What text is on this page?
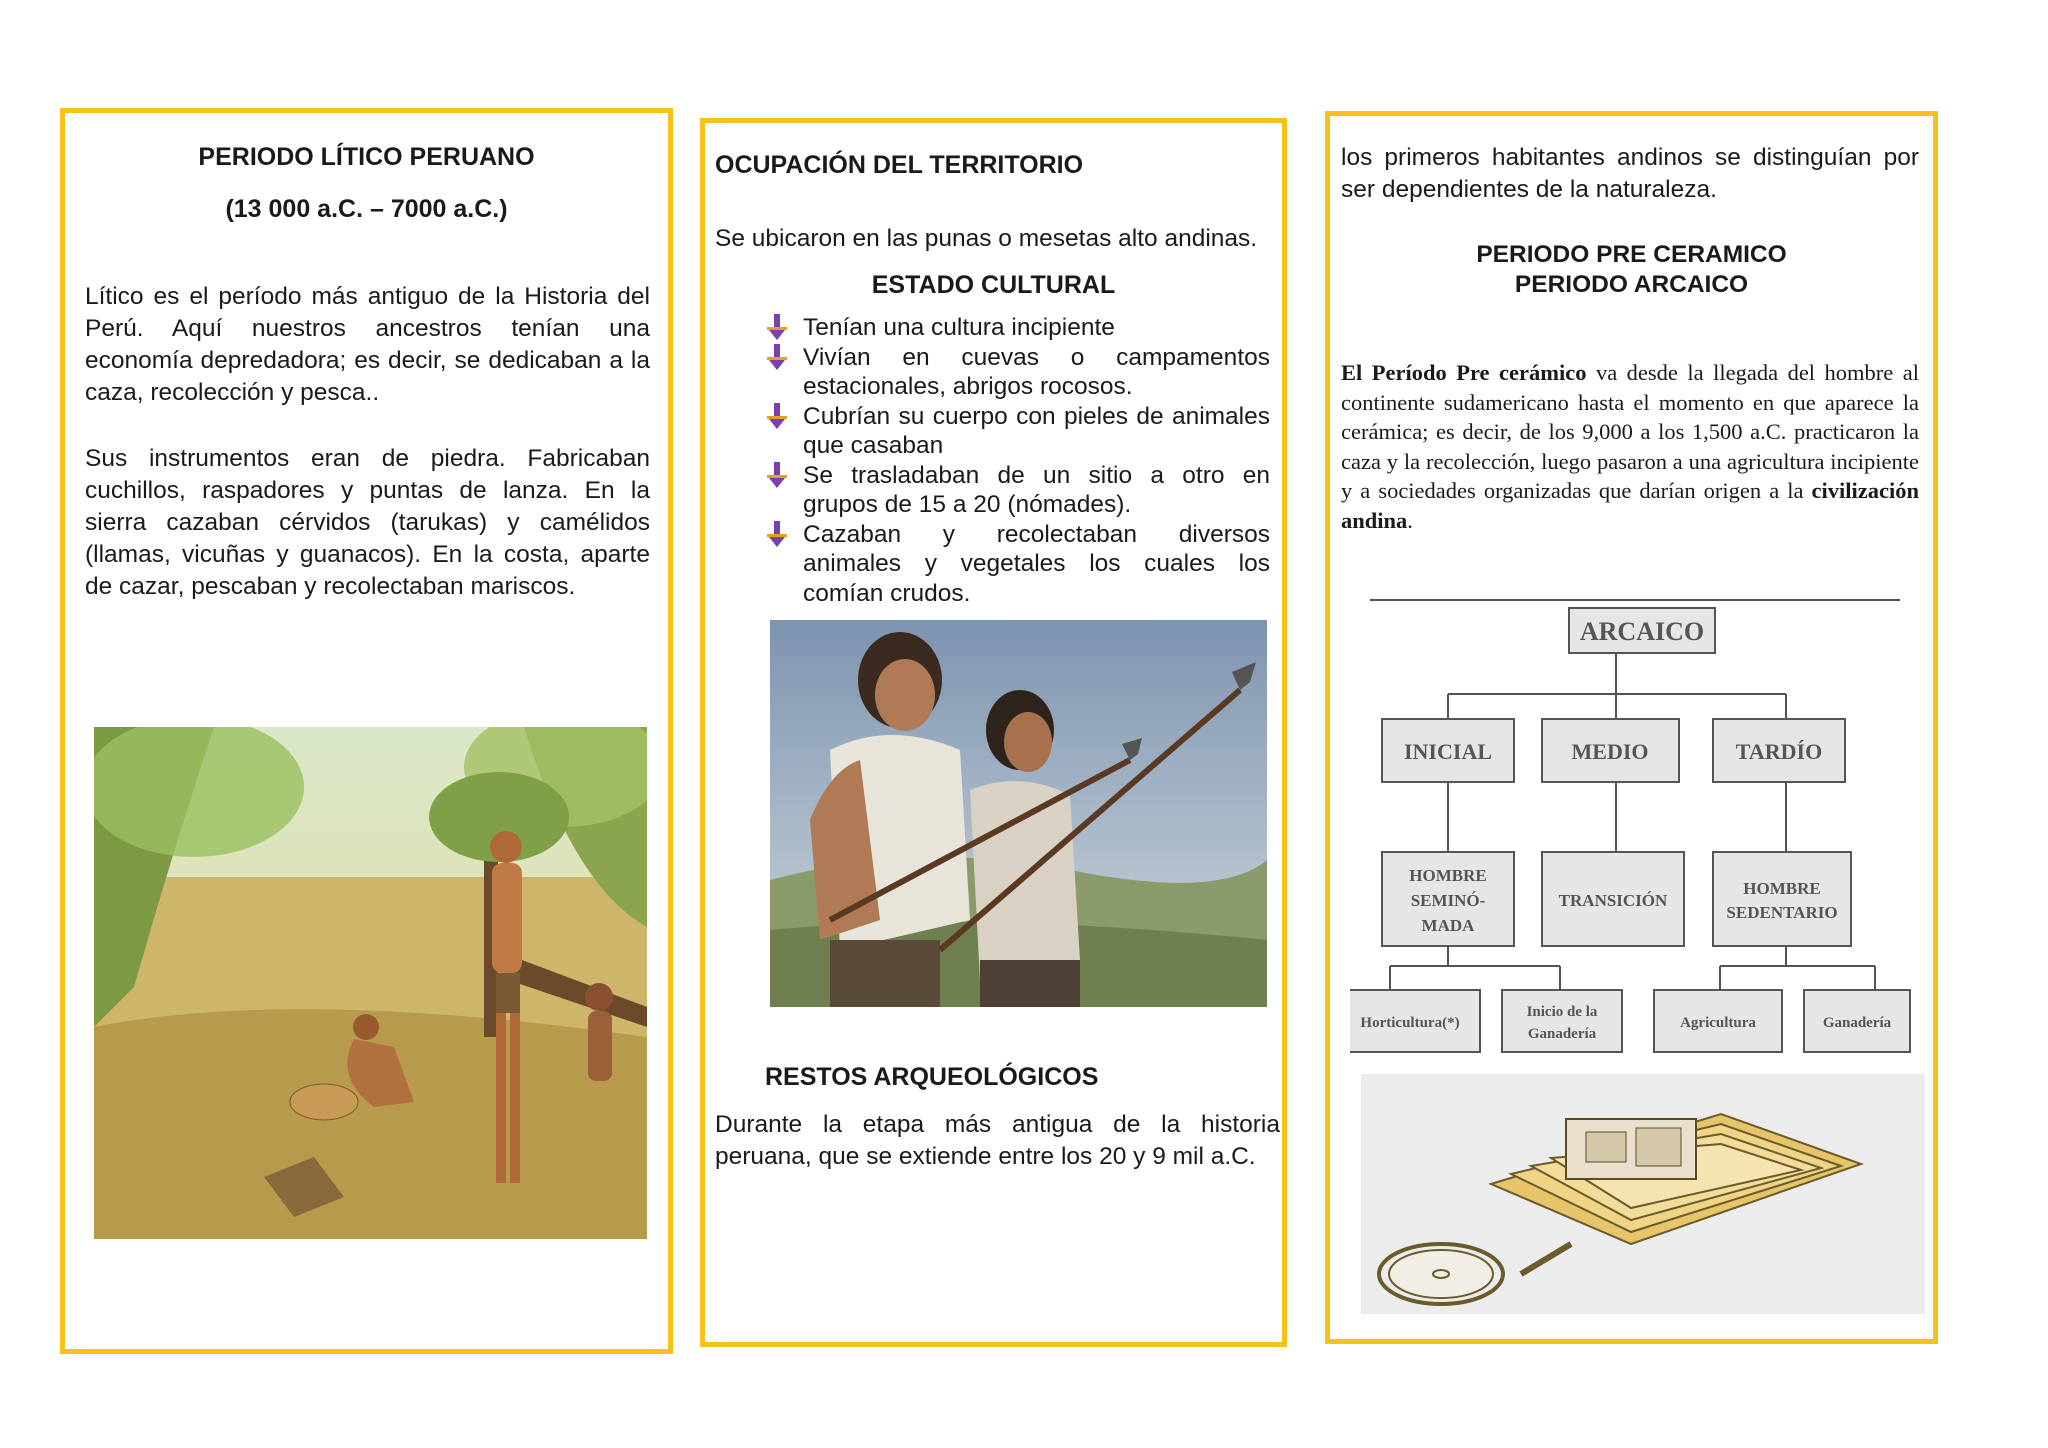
PERIODO LÍTICO PERUANO

(13 000 a.C. – 7000 a.C.)

Lítico es el período más antiguo de la Historia del Perú. Aquí nuestros ancestros tenían una economía depredadora; es decir, se dedicaban a la caza, recolección y pesca..

Sus instrumentos eran de piedra. Fabricaban cuchillos, raspadores y puntas de lanza. En la sierra cazaban cérvidos (tarukas) y camélidos (llamas, vicuñas y guanacos). En la costa, aparte de cazar, pescaban y recolectaban mariscos.

OCUPACIÓN DEL TERRITORIO

Se ubicaron en las punas o mesetas alto andinas.

ESTADO CULTURAL

Tenían una cultura incipiente
Vivían en cuevas o campamentos estacionales, abrigos rocosos.
Cubrían su cuerpo con pieles de animales que casaban
Se trasladaban de un sitio a otro en grupos de 15 a 20 (nómades).
Cazaban y recolectaban diversos animales y vegetales los cuales los comían crudos.

RESTOS ARQUEOLÓGICOS

Durante la etapa más antigua de la historia peruana, que se extiende entre los 20 y 9 mil a.C.

los primeros habitantes andinos se distinguían por ser dependientes de la naturaleza.

PERIODO PRE CERAMICO
PERIODO ARCAICO

El Período Pre cerámico va desde la llegada del hombre al continente sudamericano hasta el momento en que aparece la cerámica; es decir, de los 9,000 a los 1,500 a.C. practicaron la caza y la recolección, luego pasaron a una agricultura incipiente y a sociedades organizadas que darían origen a la civilización andina.

ARCAICO
INICIAL	MEDIO	TARDÍO
HOMBRE
SEMINÓ-
MADA
TRANSICIÓN
HOMBRE
SEDENTARIO
Horticultura(*)
Inicio de la
Ganadería
Agricultura	Ganadería
